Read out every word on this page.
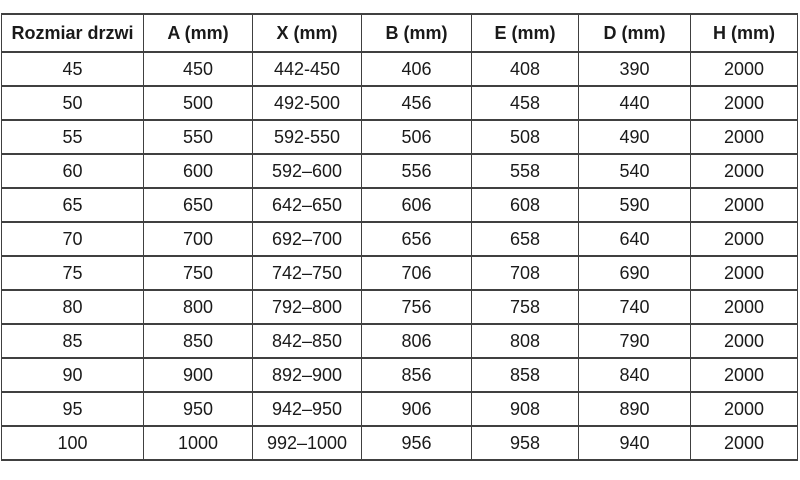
Rozmiar drzwi	A (mm)	X (mm)	B (mm)	E (mm)	D (mm)	H (mm)
45	450	442-450	406	408	390	2000
50	500	492-500	456	458	440	2000
55	550	592-550	506	508	490	2000
60	600	592–600	556	558	540	2000
65	650	642–650	606	608	590	2000
70	700	692–700	656	658	640	2000
75	750	742–750	706	708	690	2000
80	800	792–800	756	758	740	2000
85	850	842–850	806	808	790	2000
90	900	892–900	856	858	840	2000
95	950	942–950	906	908	890	2000
100	1000	992–1000	956	958	940	2000
